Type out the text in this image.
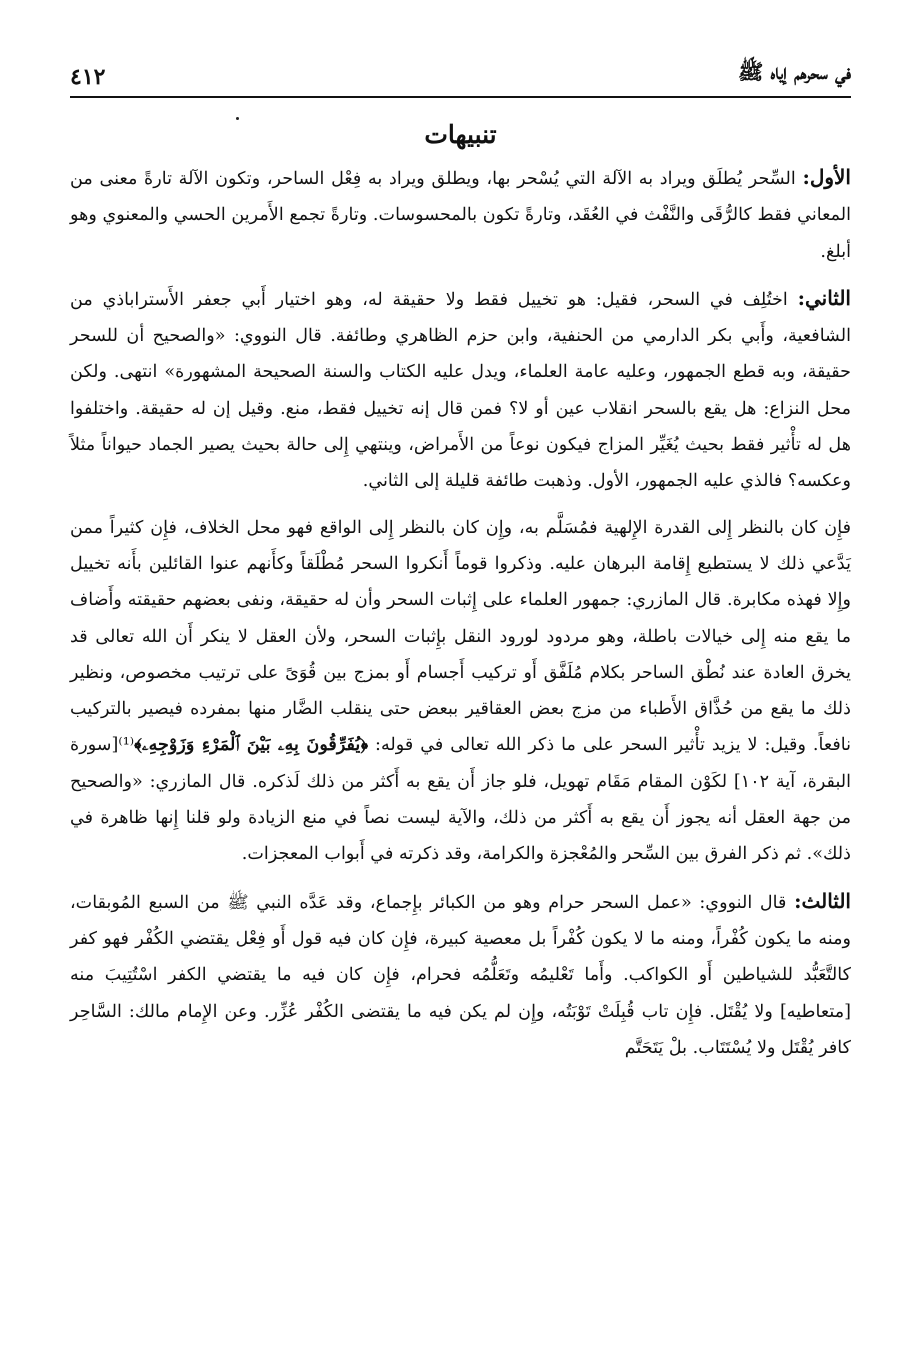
في سحرهم إياه ﷺ
٤١٢
تنبيهات

الأول: السِّحر يُطلَق ويراد به الآلة التي يُسْحر بها، ويطلق ويراد به فِعْل الساحر، وتكون الآلة تارةً معنى من المعاني فقط كالرُّقَى والنَّفْث في العُقَد، وتارةً تكون بالمحسوسات. وتارةً تجمع الأَمرين الحسي والمعنوي وهو أبلغ.

الثاني: اختُلِف في السحر، فقيل: هو تخييل فقط ولا حقيقة له، وهو اختيار أَبي جعفر الأَستراباذي من الشافعية، وأَبي بكر الدارمي من الحنفية، وابن حزم الظاهري وطائفة. قال النووي: «والصحيح أن للسحر حقيقة، وبه قطع الجمهور، وعليه عامة العلماء، ويدل عليه الكتاب والسنة الصحيحة المشهورة» انتهى. ولكن محل النزاع: هل يقع بالسحر انقلاب عين أو لا؟ فمن قال إنه تخييل فقط، منع. وقيل إن له حقيقة. واختلفوا هل له تأْثير فقط بحيث يُغَيِّر المزاج فيكون نوعاً من الأَمراض، وينتهي إِلى حالة بحيث يصير الجماد حيواناً مثلاً وعكسه؟ فالذي عليه الجمهور، الأول. وذهبت طائفة قليلة إلى الثاني.

فإِن كان بالنظر إِلى القدرة الإِلهية فمُسَلَّم به، وإِن كان بالنظر إِلى الواقع فهو محل الخلاف، فإِن كثيراً ممن يَدَّعي ذلك لا يستطيع إِقامة البرهان عليه. وذكروا قوماً أَنكروا السحر مُطْلَقاً وكأَنهم عنوا القائلين بأَنه تخييل وإِلا فهذه مكابرة. قال المازري: جمهور العلماء على إِثبات السحر وأن له حقيقة، ونفى بعضهم حقيقته وأَضاف ما يقع منه إِلى خيالات باطلة، وهو مردود لورود النقل بإِثبات السحر، ولأن العقل لا ينكر أَن الله تعالى قد يخرق العادة عند نُطْق الساحر بكلام مُلَفَّق أَو تركيب أَجسام أَو بمزج بين قُوَىً على ترتيب مخصوص، ونظير ذلك ما يقع من حُذَّاق الأَطباء من مزج بعض العقاقير ببعض حتى ينقلب الضَّار منها بمفرده فيصير بالتركيب نافعاً. وقيل: لا يزيد تأْثير السحر على ما ذكر الله تعالى في قوله: ﴿يُفَرِّقُونَ بِهِۦ بَيْنَ ٱلْمَرْءِ وَزَوْجِهِۦ﴾⁽¹⁾[سورة البقرة، آية ١٠٢] لكَوْن المقام مَقَام تهويل، فلو جاز أَن يقع به أَكثر من ذلك لَذكره. قال المازري: «والصحيح من جهة العقل أنه يجوز أَن يقع به أَكثر من ذلك، والآية ليست نصاً في منع الزيادة ولو قلنا إِنها ظاهرة في ذلك». ثم ذكر الفرق بين السِّحر والمُعْجزة والكرامة، وقد ذكرته في أَبواب المعجزات.

الثالث: قال النووي: «عمل السحر حرام وهو من الكبائر بإِجماع، وقد عَدَّه النبي ﷺ من السبع المُوبقات، ومنه ما يكون كُفْراً، ومنه ما لا يكون كُفْراً بل معصية كبيرة، فإِن كان فيه قول أَو فِعْل يقتضي الكُفْر فهو كفر كالتَّعَبُّد للشياطين أَو الكواكب. وأَما تَعْليمُه وتَعَلُّمُه فحرام، فإِن كان فيه ما يقتضي الكفر اسْتُتِيبَ منه [متعاطيه] ولا يُقْتَل. فإِن تاب قُبِلَتْ تَوْبَتُه، وإِن لم يكن فيه ما يقتضى الكُفْر عُزِّر. وعن الإِمام مالك: السَّاحِر كافر يُقْتَل ولا يُسْتَتَاب. بلْ يَتَحَتَّم
